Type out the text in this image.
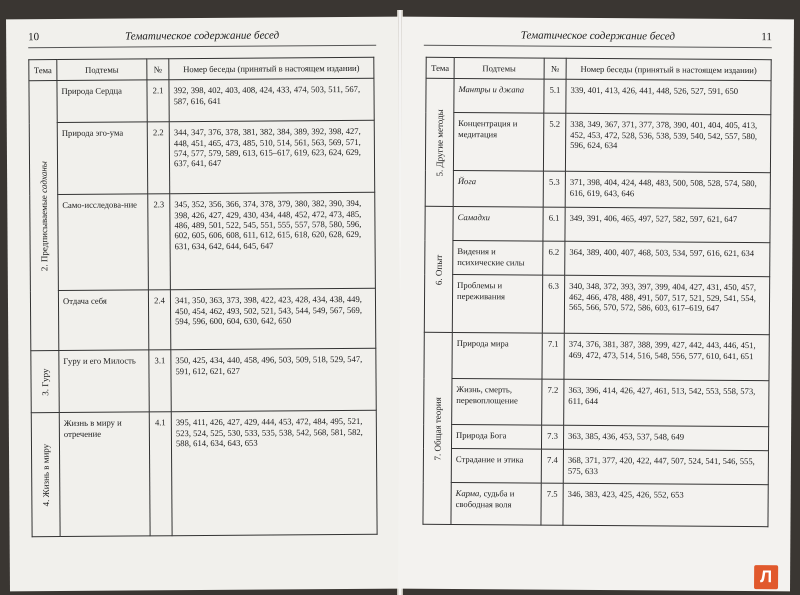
10	Тематическое содержание бесед
Тема	Подтемы	№	Номер беседы (принятый в настоящем издании)

2. Предписываемые садханы	Природа Сердца	2.1	392, 398, 402, 403, 408, 424, 433, 474, 503, 511, 567, 587, 616, 641
	Природа эго-ума	2.2	344, 347, 376, 378, 381, 382, 384, 389, 392, 398, 427, 448, 451, 465, 473, 485, 510, 514, 561, 563, 569, 571, 574, 577, 579, 589, 613, 615–617, 619, 623, 624, 629, 637, 641, 647
	Само-исследова-ние	2.3	345, 352, 356, 366, 374, 378, 379, 380, 382, 390, 394, 398, 426, 427, 429, 430, 434, 448, 452, 472, 473, 485, 486, 489, 501, 522, 545, 551, 555, 557, 578, 580, 596, 602, 605, 606, 608, 611, 612, 615, 618, 620, 628, 629, 631, 634, 642, 644, 645, 647
	Отдача себя	2.4	341, 350, 363, 373, 398, 422, 423, 428, 434, 438, 449, 450, 454, 462, 493, 502, 521, 543, 544, 549, 567, 569, 594, 596, 600, 604, 630, 642, 650

3. Гуру	Гуру и его Милость	3.1	350, 425, 434, 440, 458, 496, 503, 509, 518, 529, 547, 591, 612, 621, 627

4. Жизнь в миру	Жизнь в миру и отречение	4.1	395, 411, 426, 427, 429, 444, 453, 472, 484, 495, 521, 523, 524, 525, 530, 533, 535, 538, 542, 568, 581, 582, 588, 614, 634, 643, 653
Тематическое содержание бесед	11
Тема	Подтемы	№	Номер беседы (принятый в настоящем издании)

5. Другие методы	Мантры и джапа	5.1	339, 401, 413, 426, 441, 448, 526, 527, 591, 650
	Концентрация и медитация	5.2	338, 349, 367, 371, 377, 378, 390, 401, 404, 405, 413, 452, 453, 472, 528, 536, 538, 539, 540, 542, 557, 580, 596, 624, 634
	Йога	5.3	371, 398, 404, 424, 448, 483, 500, 508, 528, 574, 580, 616, 619, 643, 646

6. Опыт	Самадхи	6.1	349, 391, 406, 465, 497, 527, 582, 597, 621, 647
	Видения и психические силы	6.2	364, 389, 400, 407, 468, 503, 534, 597, 616, 621, 634
	Проблемы и переживания	6.3	340, 348, 372, 393, 397, 399, 404, 427, 431, 450, 457, 462, 466, 478, 488, 491, 507, 517, 521, 529, 541, 554, 565, 566, 570, 572, 586, 603, 617–619, 647

7. Общая теория	Природа мира	7.1	374, 376, 381, 387, 388, 399, 427, 442, 443, 446, 451, 469, 472, 473, 514, 516, 548, 556, 577, 610, 641, 651
	Жизнь, смерть, перевоплощение	7.2	363, 396, 414, 426, 427, 461, 513, 542, 553, 558, 573, 611, 644
	Природа Бога	7.3	363, 385, 436, 453, 537, 548, 649
	Страдание и этика	7.4	368, 371, 377, 420, 422, 447, 507, 524, 541, 546, 555, 575, 633
	Карма, судьба и свободная воля	7.5	346, 383, 423, 425, 426, 552, 653
Л
